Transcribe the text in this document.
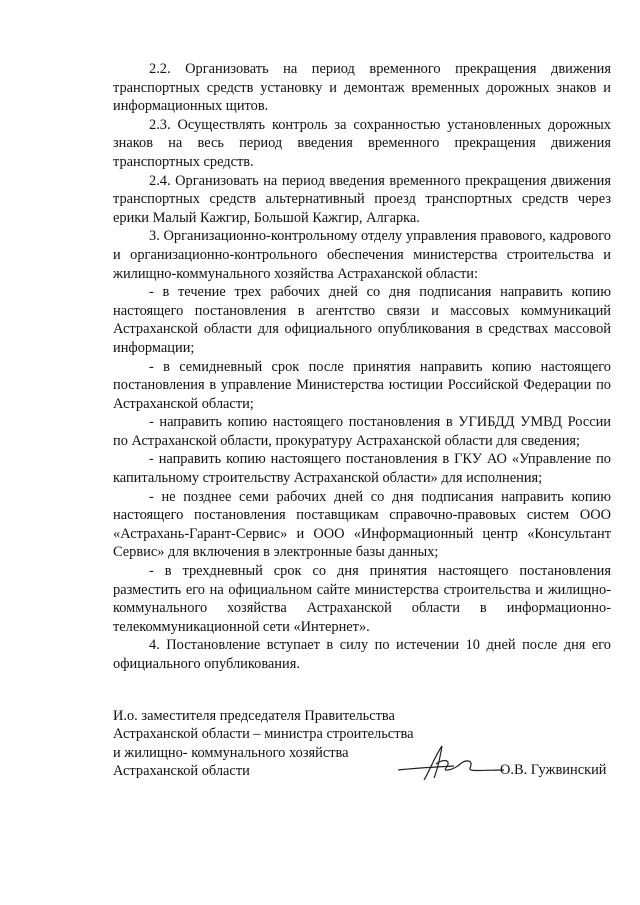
2.2. Организовать на период временного прекращения движения транспортных средств установку и демонтаж временных дорожных знаков и информационных щитов.

2.3. Осуществлять контроль за сохранностью установленных дорожных знаков на весь период введения временного прекращения движения транспортных средств.

2.4. Организовать на период введения временного прекращения движения транспортных средств альтернативный проезд транспортных средств через ерики Малый Кажгир, Большой Кажгир, Алгарка.

3. Организационно-контрольному отделу управления правового, кадрового и организационно-контрольного обеспечения министерства строительства и жилищно-коммунального хозяйства Астраханской области:

- в течение трех рабочих дней со дня подписания направить копию настоящего постановления в агентство связи и массовых коммуникаций Астраханской области для официального опубликования в средствах массовой информации;

- в семидневный срок после принятия направить копию настоящего постановления в управление Министерства юстиции Российской Федерации по Астраханской области;

- направить копию настоящего постановления в УГИБДД УМВД России по Астраханской области, прокуратуру Астраханской области для сведения;

- направить копию настоящего постановления в ГКУ АО «Управление по капитальному строительству Астраханской области» для исполнения;

- не позднее семи рабочих дней со дня подписания направить копию настоящего постановления поставщикам справочно-правовых систем ООО «Астрахань-Гарант-Сервис» и ООО «Информационный центр «Консультант Сервис» для включения в электронные базы данных;

- в трехдневный срок со дня принятия настоящего постановления разместить его на официальном сайте министерства строительства и жилищно-коммунального хозяйства Астраханской области в информационно-телекоммуникационной сети «Интернет».

4. Постановление вступает в силу по истечении 10 дней после дня его официального опубликования.

И.о. заместителя председателя Правительства
Астраханской области – министра строительства
и жилищно- коммунального хозяйства
Астраханской области	О.В. Гужвинский
